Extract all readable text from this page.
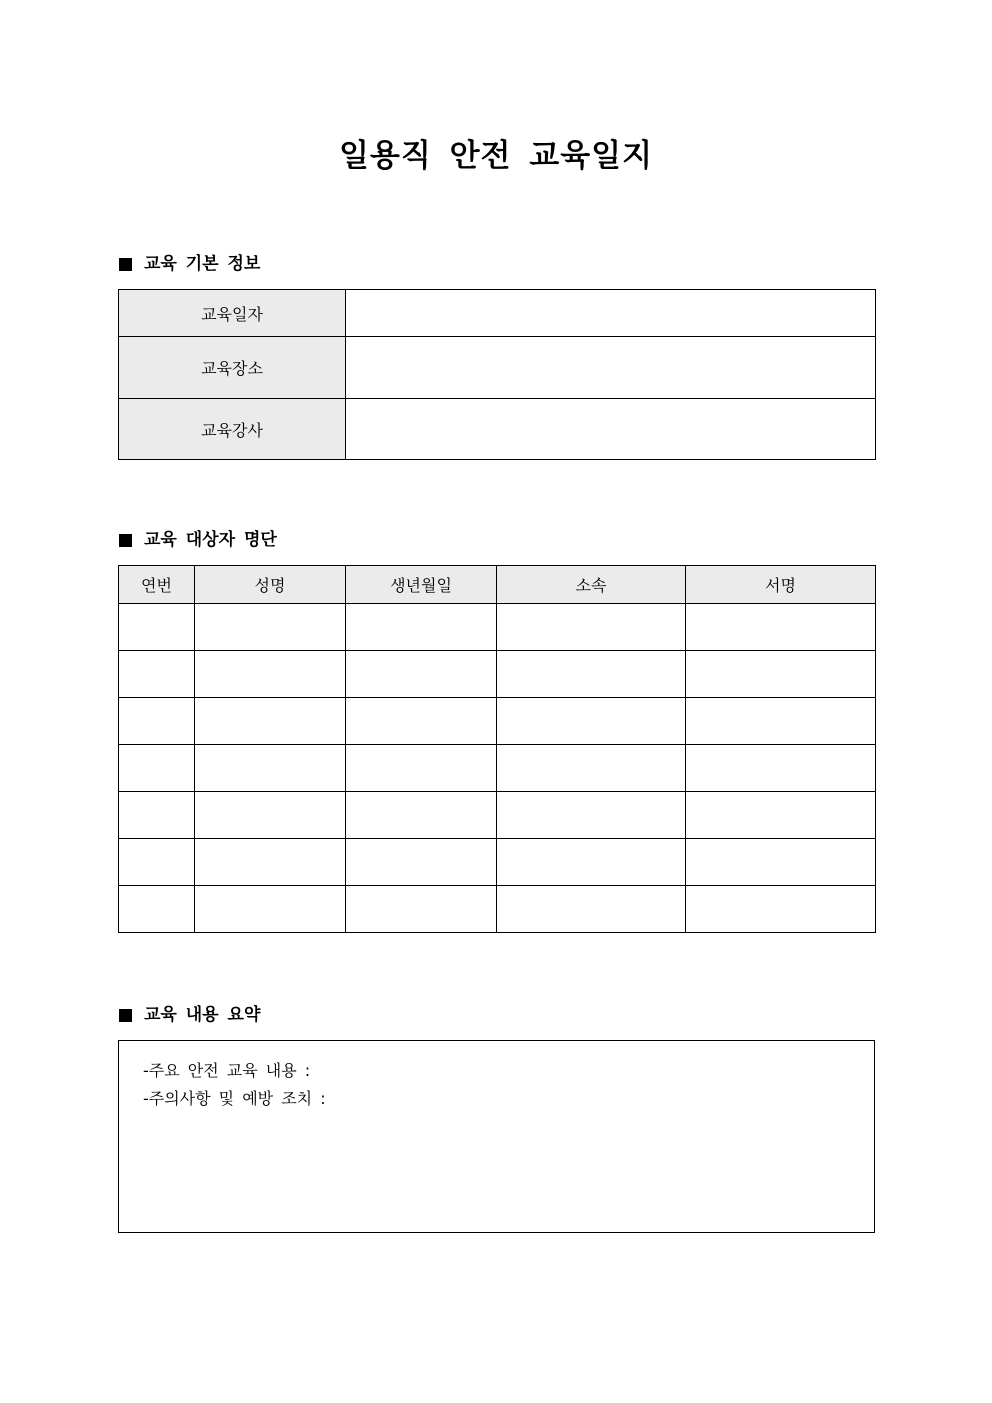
일용직 안전 교육일지
교육 기본 정보
교육일자	
교육장소	
교육강사	
교육 대상자 명단
연번	성명	생년월일	소속	서명

교육 내용 요약
-주요 안전 교육 내용 :
-주의사항 및 예방 조치 :
